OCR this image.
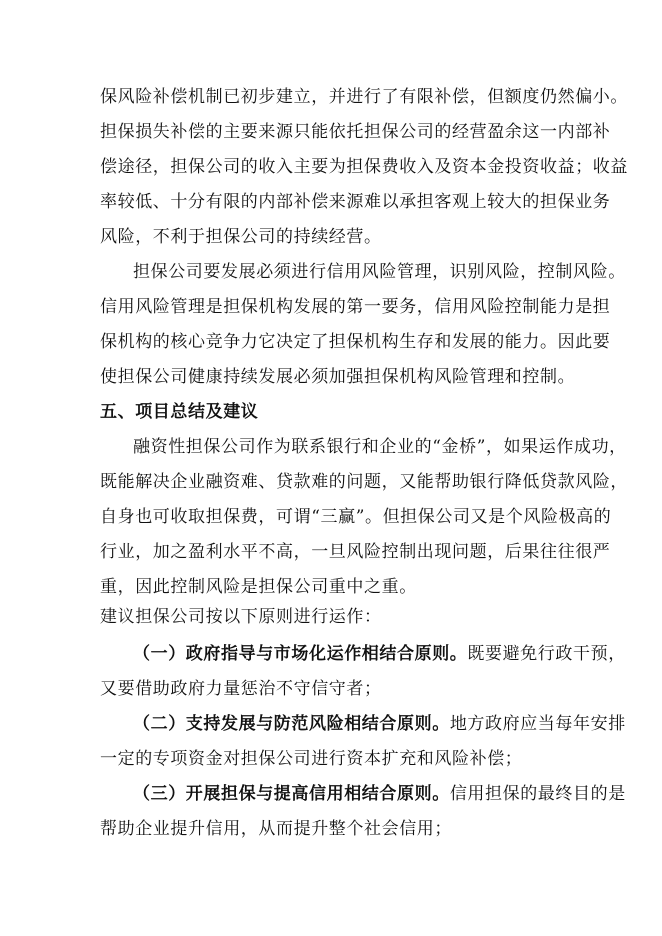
保风险补偿机制已初步建立，并进行了有限补偿，但额度仍然偏小。
担保损失补偿的主要来源只能依托担保公司的经营盈余这一内部补
偿途径，担保公司的收入主要为担保费收入及资本金投资收益；收益
率较低、十分有限的内部补偿来源难以承担客观上较大的担保业务
风险，不利于担保公司的持续经营。
担保公司要发展必须进行信用风险管理，识别风险，控制风险。
信用风险管理是担保机构发展的第一要务，信用风险控制能力是担
保机构的核心竞争力它决定了担保机构生存和发展的能力。因此要
使担保公司健康持续发展必须加强担保机构风险管理和控制。
五、项目总结及建议
融资性担保公司作为联系银行和企业的“金桥”，如果运作成功，
既能解决企业融资难、贷款难的问题，又能帮助银行降低贷款风险，
自身也可收取担保费，可谓“三赢”。但担保公司又是个风险极高的
行业，加之盈利水平不高，一旦风险控制出现问题，后果往往很严
重，因此控制风险是担保公司重中之重。
建议担保公司按以下原则进行运作：
（一）政府指导与市场化运作相结合原则。既要避免行政干预，
又要借助政府力量惩治不守信守者；
（二）支持发展与防范风险相结合原则。地方政府应当每年安排
一定的专项资金对担保公司进行资本扩充和风险补偿；
（三）开展担保与提高信用相结合原则。信用担保的最终目的是
帮助企业提升信用，从而提升整个社会信用；
